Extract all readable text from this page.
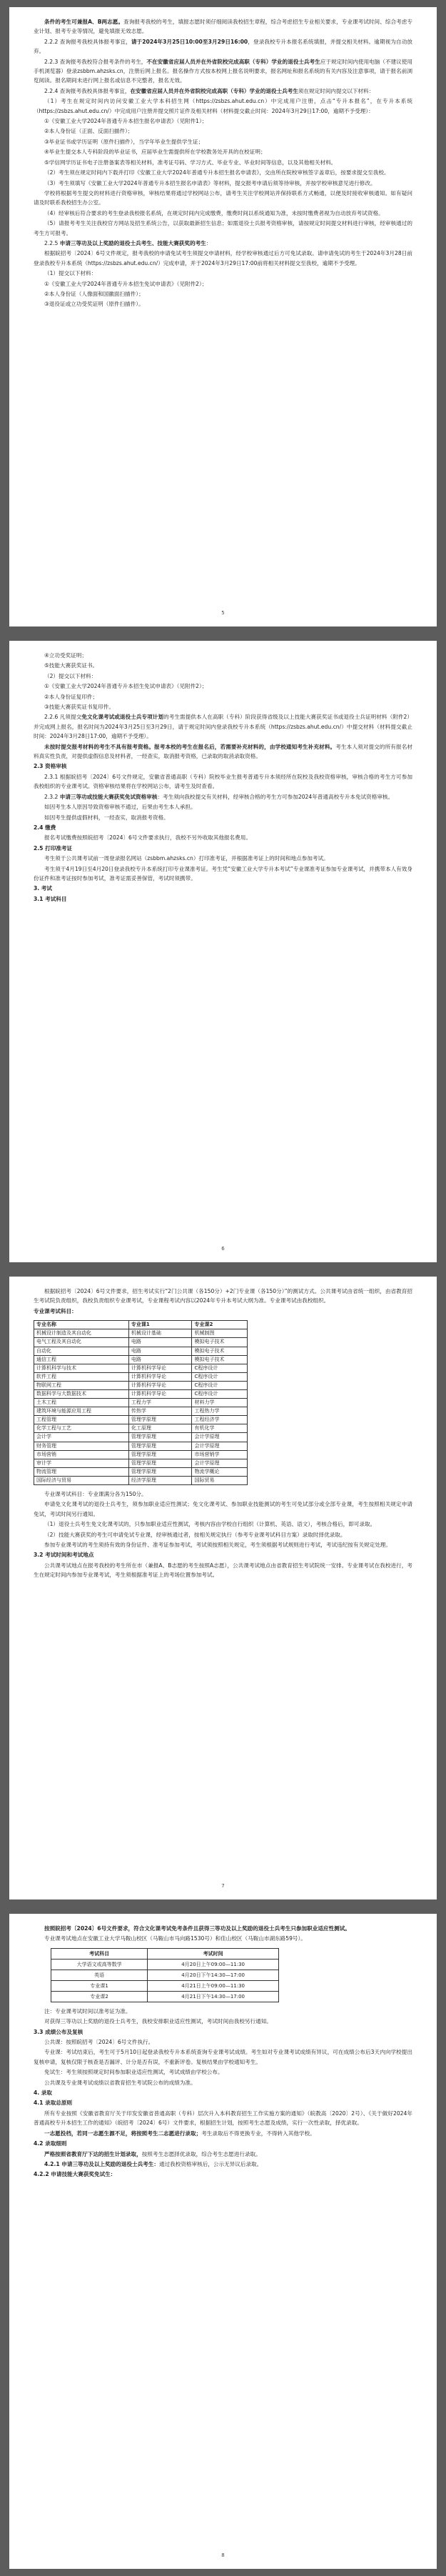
条件的考生可兼报A、B两志愿。查询报考我校的考生，填报志愿时须仔细阅读我校招生章程，综合考虑招生专业相关要求，专业课考试时间、综合考虑专业计划、报考专业等情况，避免填报无效志愿。

2.2.2 查询报考我校具体报考事宜，请于2024年3月25日10:00至3月29日16:00，登录我校专升本报名系统填报，并提交相关材料。逾期视为自动放弃。

2.2.3 查询报考我校符合报考条件的考生，不在安徽省应届人员并在外省院校完成高职（专科）学业的退役士兵考生应于规定时间内使用电脑（不建议使用手机浏览器）登录zsbbm.ahzsks.cn，注册后网上报名。报名操作方式按本校网上报名说明要求，报名网址和报名系统的有关内容及注意事项，请于报名前浏览阅读。报名期间未进行网上报名或信息不完整者，报名无效。

2.2.4 查询报考我校具体报考事宜，在安徽省应届人员并在外省院校完成高职（专科）学业的退役士兵考生须在规定时间内提交以下材料：

（1）考生在规定时间内访问安徽工业大学本科招生网（https://zsbzs.ahut.edu.cn）中完成用户注册，点击“专升本报名”，在专升本系统（https://zsbzs.ahut.edu.cn/）中完成用户注册并提交照片证件及相关材料（材料提交截止时间：2024年3月29日17:00，逾期不予受理）：

①《安徽工业大学2024年普通专升本招生报名申请表》（见附件1）；

②本人身份证（正面、反面扫描件）；

③毕业证书或学历证明（原件扫描件），当学年毕业生提供学生证；

④毕业生提交本人专科阶段的毕业证书，应届毕业生需提供所在学校教务处开具的在校证明；

⑤学信网学历证书电子注册备案表等相关材料，准考证号码、学习方式、毕业专业、毕业时间等信息，以及其他相关材料。

（2）考生须在规定时间内下载并打印《安徽工业大学2024年普通专升本招生报名申请表》，交由所在院校审核签字盖章后，按要求提交至我校。

（3）考生须填写《安徽工业大学2024年普通专升本招生报名申请表》等材料，提交报考申请后须等待审核，并按学校审核意见进行修改。

学校将根据考生提交的材料进行资格审核，审核结果将通过学校网站公布，请考生关注学校网站并保持联系方式畅通，以便及时接收审核通知。如有疑问请及时联系我校招生办公室。

（4）经审核后符合要求的考生登录我校报名系统，在规定时间内完成缴费，缴费时间以系统通知为准，未按时缴费者视为自动放弃考试资格。

（5）请报考考生关注我校官方网站及招生系统公告，以获取最新招生信息；如需退役士兵报考资格审核，请按规定时间提交材料进行审核，经审核通过的考生方可报考。

2.2.5 申请三等功及以上奖励的退役士兵考生、技能大赛获奖的考生：

根据皖招考〔2024〕6号文件规定，报考我校的申请免试考生须提交申请材料，经学校审核通过后方可免试录取。请申请免试的考生于2024年3月28日前登录我校专升本系统（https://zsbzs.ahut.edu.cn/）完成申请，并于2024年3月29日17:00前将相关材料提交至我校，逾期不予受理。

（1）提交以下材料：

①《安徽工业大学2024年普通专升本招生免试申请表》（见附件2）；

②本人身份证（人像面和国徽面扫描件）；

③退役证或立功受奖证明（原件扫描件）。

5

④立功受奖证明；

⑤技能大赛获奖证书。

（2）提交以下材料：

①《安徽工业大学2024年普通专升本招生免试申请表》（见附件2）；

②本人身份证复印件；

③技能大赛获奖证书复印件。

2.2.6 凡须提交免文化课考试或退役士兵专项计划的考生需提供本人在高职（专科）阶段获得省级及以上技能大赛获奖证书或退役士兵证明材料（附件2）并完成网上报名，报名时间为2024年3月25日至3月29日，请于规定时间内登录我校专升本系统（https://zsbzs.ahut.edu.cn/）中提交材料（材料提交截止时间：2024年3月28日17:00，逾期不予受理）。

未按时提交报考材料的考生不具有报考资格。报考本校的考生在报名后，若需要补充材料的，由学校通知考生补充材料。考生本人须对提交的所有报名材料真实性负责，对提供虚假信息及材料者，一经查实，取消报考资格，已录取的取消录取资格。

2.3 资格审核

2.3.1 根据皖招考〔2024〕6号文件规定，安徽省普通高职（专科）院校毕业生报考普通专升本须经所在院校及我校资格审核，审核合格的考生方可参加我校组织的专业课考试。资格审核结果将在学校网站公布，请考生及时查看。

2.3.2 申请三等功或技能大赛获奖免试资格审核：考生须向我校提交有关材料，经审核合格的考生方可参加2024年普通高校专升本免试资格审核。

如因考生本人原因导致资格审核不通过，后果由考生本人承担。

如因考生提供虚假材料，一经查实，取消报考资格。

2.4 缴费

报名考试缴费按照皖招考〔2024〕6号文件要求执行，我校不另外收取其他报名费用。

2.5 打印准考证

考生须于公共课考试前一周登录报名网站（zsbbm.ahzsks.cn）打印准考证，并根据准考证上的时间和地点参加考试。

考生须于4月19日至4月20日登录我校专升本系统打印专业课准考证。考生凭“安徽工业大学专升本考试”专业课准考证参加专业课考试，并携带本人有效身份证件和准考证按时参加考试，准考证需妥善保管，考试时须携带。

3. 考试

3.1 考试科目

6

根据皖招考〔2024〕6号文件要求，招生考试实行“2门公共课（各150分）+2门专业课（各150分）”的测试方式。公共课考试由省统一组织，由省教育招生考试院负责组织，我校负责组织专业课考试，专业课程考试内容以2024年专升本考试大纲为准。专业课考试由我校组织。

专业课考试科目：

专业名称	专业课1	专业课2
机械设计制造及其自动化	机械设计基础	机械制图
电气工程及其自动化	电路	模拟电子技术
自动化	电路	模拟电子技术
通信工程	电路	模拟电子技术
计算机科学与技术	计算机科学导论	C程序设计
软件工程	计算机科学导论	C程序设计
物联网工程	计算机科学导论	C程序设计
数据科学与大数据技术	计算机科学导论	C程序设计
土木工程	工程力学	材料力学
建筑环境与能源应用工程	传热学	工程热力学
工程管理	管理学原理	工程经济学
化学工程与工艺	化工原理	有机化学
会计学	管理学原理	会计学原理
财务管理	管理学原理	会计学原理
市场营销	管理学原理	市场营销学
审计学	管理学原理	会计学原理
物流管理	管理学原理	物流学概论
国际经济与贸易	经济学原理	国际贸易

专业课考试科目：专业课满分各为150分。

申请免文化课考试的退役士兵考生，须参加职业适应性测试；免文化课考试、参加职业技能测试的考生可免试部分或全部专业课，考生按照相关规定申请免试，考试时间另行通知。

（1）退役士兵考生免文化课考试的，只参加职业适应性测试，考核内容由学校自行组织（计算机、英语、语文），考核合格后，即可录取。

（2）技能大赛获奖的考生可申请免试专业课，经审核通过者，按相关规定执行（参考专业课考试科目方案）录取时择优录取。

参加专业课考试的考生须持有效的身份证件、准考证参加考试，考试须按照相关规定，考生须根据考试规则进行考试，考试违纪按有关规定处理。

3.2 考试时间和考试地点

公共课考试地点在报考我校的考生所在市（兼报A、B志愿的考生按照A志愿），公共课考试地点由省教育招生考试院统一安排。专业课考试在我校进行，考生在规定时间内参加专业课考试，考生须根据准考证上的考场位置参加考试。

7

按照皖招考〔2024〕6号文件要求，符合文化课考试免考条件且获得三等功及以上奖励的退役士兵考生只参加职业适应性测试。

专业课考试地点在安徽工业大学马鞍山校区（马鞍山市马向路1530号）和佳山校区（马鞍山市湖东路59号）。

考试科目	考试时间
大学语文或高等数学	4月20日上午09:00—11:30
英语	4月20日下午14:30—17:00
专业课1	4月21日上午09:00—11:30
专业课2	4月21日下午14:30—17:00

注：专业课考试时间以准考证为准。

对获得三等功以上奖励的退役士兵考生，我校安排职业适应性测试，考试时间由我校另行通知。

3.3 成绩公布及复核

公共课：按照皖招考〔2024〕6号文件执行。

专业课：考试结束后，考生可于5月10日起登录我校专升本系统查询专业课考试成绩。考生如对专业课考试成绩有异议，可在成绩公布后3天内向学校提出复核申请，复核仅限于核查是否漏评、计分是否有误，不重新评卷。复核结果由学校通知考生。

免试生：考生须按照规定时间参加职业适应性测试，考试成绩由学校公布。

公共课及专业课考试成绩以省教育招生考试院公布的成绩为准。

4. 录取

4.1 录取总原则

所有专业按照《安徽省教育厅关于印发安徽省普通高职（专科）层次升入本科教育招生工作实施方案的通知》（皖教高〔2020〕2号）、《关于做好2024年普通高校专升本招生工作的通知》（皖招考〔2024〕6号）文件要求，根据招生计划，按照考生志愿及成绩，实行一次性录取，择优录取。

一志愿投档，若同一志愿生源不足，将按照考生二志愿进行录取；考生录取后不得更换专业，不得转入其他学校。

4.2 录取细则

严格按照省教育厅下达的招生计划录取，按照考生志愿择优录取，综合考生志愿进行录取。

4.2.1 申请三等功及以上奖励的退役士兵考生：通过我校资格审核后，公示无异议后录取。

4.2.2 申请技能大赛获奖免试生：

8
